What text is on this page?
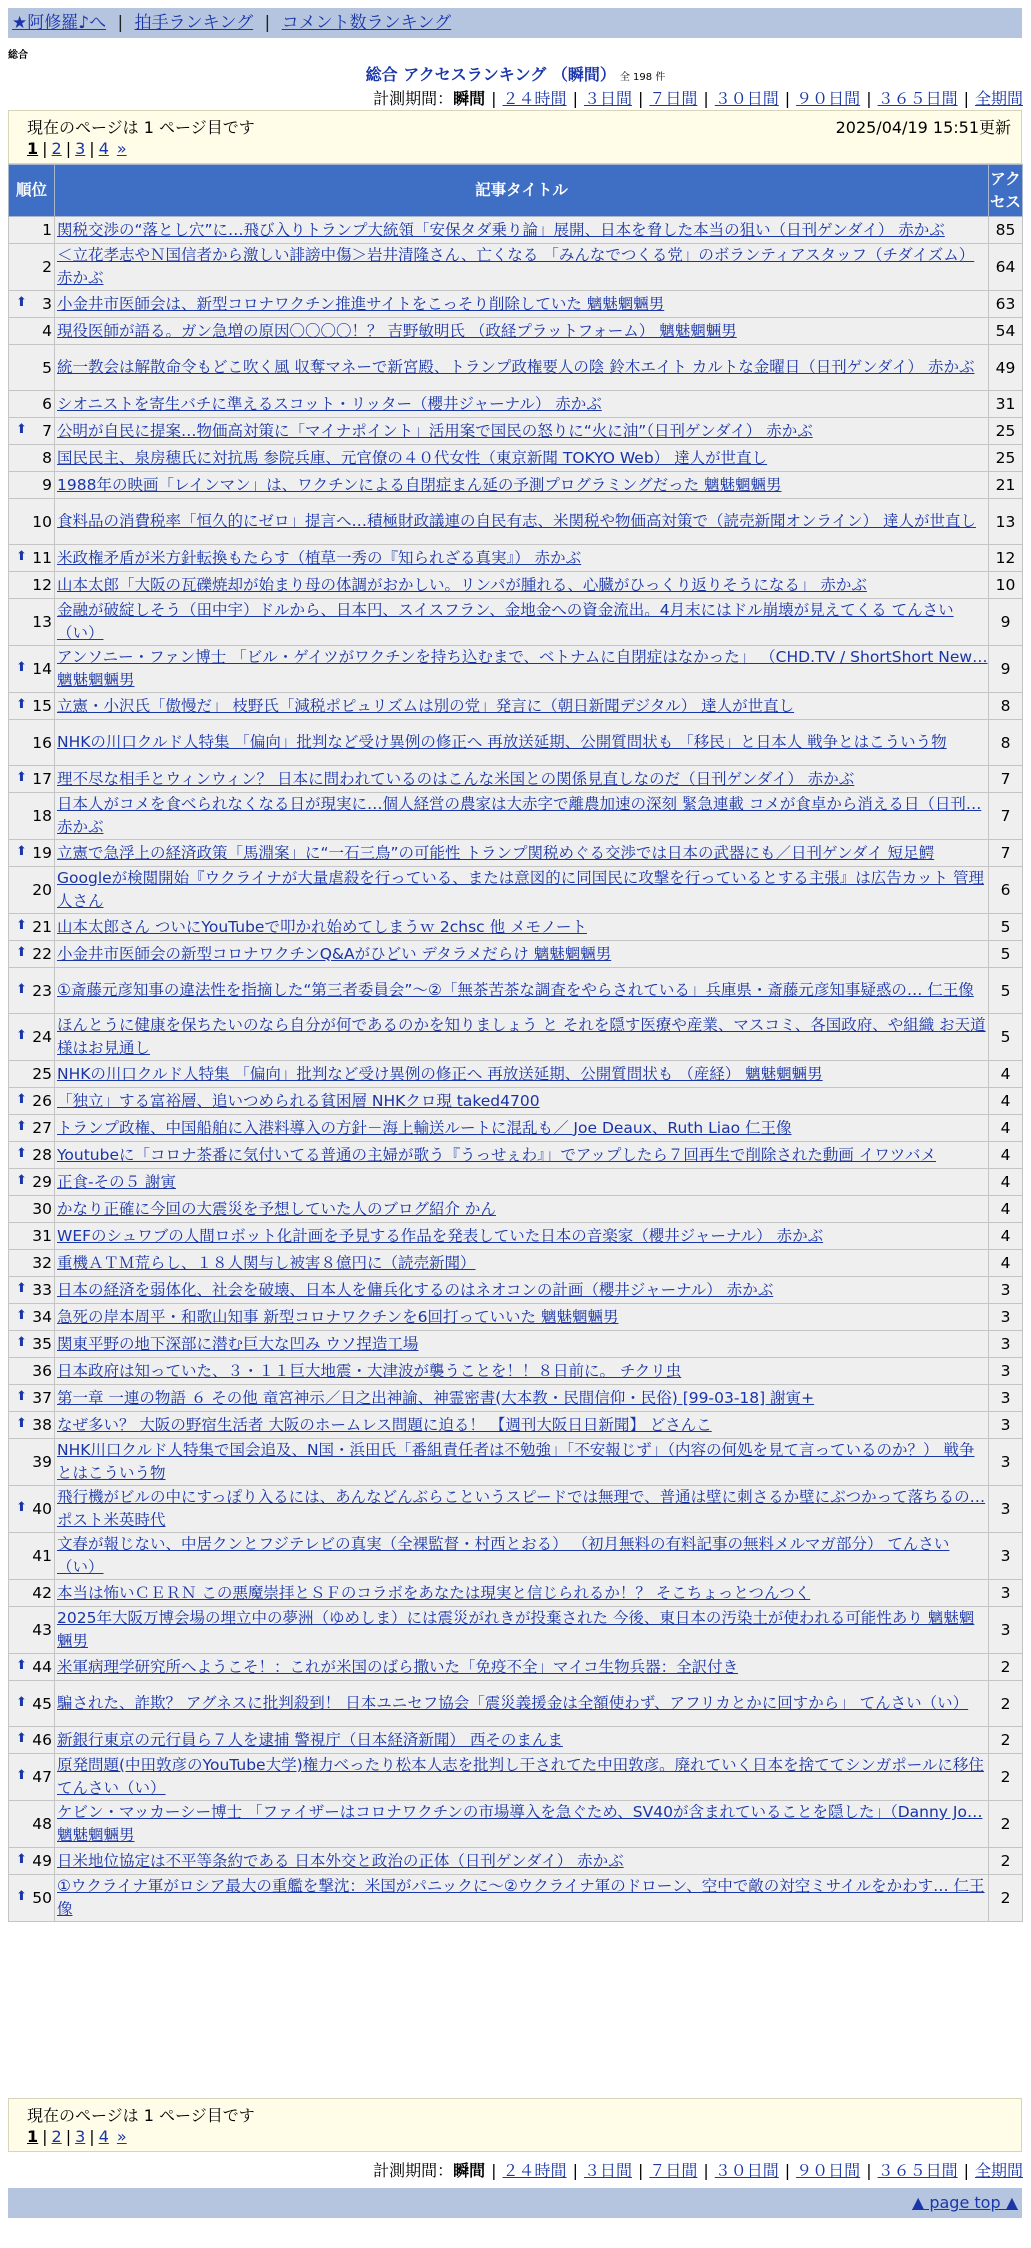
★阿修羅♪へ | 拍手ランキング | コメント数ランキング
総合
総合 アクセスランキング （瞬間） 全 198 件
計測期間：瞬間 | ２４時間 | ３日間 | ７日間 | ３０日間 | ９０日間 | ３６５日間 | 全期間
現在のページは 1 ページ目です	2025/04/19 15:51更新
1 | 2 | 3 | 4 »
順位	記事タイトル	アクセス
1	関税交渉の“落とし穴”に…飛び入りトランプ大統領「安保タダ乗り論」展開、日本を脅した本当の狙い（日刊ゲンダイ） 赤かぶ	85
2	＜立花孝志やＮ国信者から激しい誹謗中傷＞岩井清隆さん、亡くなる 「みんなでつくる党」のボランティアスタッフ（チダイズム） 赤かぶ	64

⬆ 3	小金井市医師会は、新型コロナワクチン推進サイトをこっそり削除していた 魑魅魍魎男	63
4	現役医師が語る。ガン急増の原因〇〇〇〇！？ 吉野敏明氏 （政経プラットフォーム） 魑魅魍魎男	54
5	統一教会は解散命令もどこ吹く風 収奪マネーで新宮殿、トランプ政権要人の陰 鈴木エイト カルトな金曜日（日刊ゲンダイ） 赤かぶ	49
6	シオニストを寄生バチに準えるスコット・リッター（櫻井ジャーナル） 赤かぶ	31

⬆ 7	公明が自民に提案…物価高対策に「マイナポイント」活用案で国民の怒りに“火に油”（日刊ゲンダイ） 赤かぶ	25
8	国民民主、泉房穂氏に対抗馬 参院兵庫、元官僚の４０代女性（東京新聞 TOKYO Web） 達人が世直し	25
9	1988年の映画「レインマン」は、ワクチンによる自閉症まん延の予測プログラミングだった 魑魅魍魎男	21
10	食料品の消費税率「恒久的にゼロ」提言へ…積極財政議連の自民有志、米関税や物価高対策で（読売新聞オンライン） 達人が世直し	13

⬆ 11	米政権矛盾が米方針転換もたらす（植草一秀の『知られざる真実』） 赤かぶ	12
12	山本太郎「大阪の瓦礫焼却が始まり母の体調がおかしい。リンパが腫れる、心臓がひっくり返りそうになる」 赤かぶ	10
13	金融が破綻しそう（田中宇）ドルから、日本円、スイスフラン、金地金への資金流出。4月末にはドル崩壊が見えてくる てんさい（い）	9

⬆ 14	アンソニー・ファン博士 「ビル・ゲイツがワクチンを持ち込むまで、ベトナムに自閉症はなかった」 （CHD.TV / ShortShort New… 魑魅魍魎男	9

⬆ 15	立憲・小沢氏「傲慢だ」 枝野氏「減税ポピュリズムは別の党」発言に（朝日新聞デジタル） 達人が世直し	8
16	NHKの川口クルド人特集 「偏向」批判など受け異例の修正へ 再放送延期、公開質問状も 「移民」と日本人 戦争とはこういう物	8

⬆ 17	理不尽な相手とウィンウィン？ 日本に問われているのはこんな米国との関係見直しなのだ（日刊ゲンダイ） 赤かぶ	7
18	日本人がコメを食べられなくなる日が現実に…個人経営の農家は大赤字で離農加速の深刻 緊急連載 コメが食卓から消える日（日刊… 赤かぶ	7

⬆ 19	立憲で急浮上の経済政策「馬淵案」に“一石三鳥”の可能性 トランプ関税めぐる交渉では日本の武器にも／日刊ゲンダイ 短足鰐	7
20	Googleが検閲開始『ウクライナが大量虐殺を行っている、または意図的に同国民に攻撃を行っているとする主張』は広告カット 管理人さん	6

⬆ 21	山本太郎さん ついにYouTubeで叩かれ始めてしまうｗ 2chsc 他 メモノート	5

⬆ 22	小金井市医師会の新型コロナワクチンQ&Aがひどい デタラメだらけ 魑魅魍魎男	5

⬆ 23	①斎藤元彦知事の違法性を指摘した“第三者委員会”〜②「無茶苦茶な調査をやらされている」兵庫県・斎藤元彦知事疑惑の… 仁王像	5

⬆ 24	ほんとうに健康を保ちたいのなら自分が何であるのかを知りましょう と それを隠す医療や産業、マスコミ、各国政府、や組織 お天道様はお見通し	5
25	NHKの川口クルド人特集 「偏向」批判など受け異例の修正へ 再放送延期、公開質問状も （産経） 魑魅魍魎男	4

⬆ 26	「独立」する富裕層、追いつめられる貧困層 NHKクロ現 taked4700	4

⬆ 27	トランプ政権、中国船舶に入港料導入の方針－海上輸送ルートに混乱も／ Joe Deaux、Ruth Liao 仁王像	4

⬆ 28	Youtubeに「コロナ茶番に気付いてる普通の主婦が歌う『うっせぇわ』」でアップしたら７回再生で削除された動画 イワツバメ	4

⬆ 29	正食-その５ 謝寅	4
30	かなり正確に今回の大震災を予想していた人のブログ紹介 かん	4
31	WEFのシュワブの人間ロボット化計画を予見する作品を発表していた日本の音楽家（櫻井ジャーナル） 赤かぶ	4
32	重機ＡＴＭ荒らし、１８人関与し被害８億円に（読売新聞）	4

⬆ 33	日本の経済を弱体化、社会を破壊、日本人を傭兵化するのはネオコンの計画（櫻井ジャーナル） 赤かぶ	3

⬆ 34	急死の岸本周平・和歌山知事 新型コロナワクチンを6回打っていいた 魑魅魍魎男	3

⬆ 35	関東平野の地下深部に潜む巨大な凹み ウソ捏造工場	3
36	日本政府は知っていた、３・１１巨大地震・大津波が襲うことを！！８日前に。 チクリ虫	3

⬆ 37	第一章 一連の物語 ６ その他 竜宮神示／日之出神諭、神霊密書(大本教・民間信仰・民俗) [99-03-18] 謝寅+	3

⬆ 38	なぜ多い？ 大阪の野宿生活者 大阪のホームレス問題に迫る！ 【週刊大阪日日新聞】 どさんこ	3
39	NHK川口クルド人特集で国会追及、N国・浜田氏「番組責任者は不勉強」「不安報じず」（内容の何処を見て言っているのか？） 戦争とはこういう物	3

⬆ 40	飛行機がビルの中にすっぽり入るには、あんなどんぶらこというスピードでは無理で、普通は壁に刺さるか壁にぶつかって落ちるの… ポスト米英時代	3
41	文春が報じない、中居クンとフジテレビの真実（全裸監督・村西とおる） （初月無料の有料記事の無料メルマガ部分） てんさい（い）	3
42	本当は怖いＣＥＲＮ この悪魔崇拝とＳＦのコラボをあなたは現実と信じられるか！？ そこちょっとつんつく	3
43	2025年大阪万博会場の埋立中の夢洲（ゆめしま）には震災がれきが投棄された 今後、東日本の汚染土が使われる可能性あり 魑魅魍魎男	3

⬆ 44	米軍病理学研究所へようこそ！：これが米国のばら撒いた「免疫不全」マイコ生物兵器：全訳付き	2

⬆ 45	騙された、詐欺？ アグネスに批判殺到！ 日本ユニセフ協会「震災義援金は全額使わず、アフリカとかに回すから」 てんさい（い）	2

⬆ 46	新銀行東京の元行員ら７人を逮捕 警視庁（日本経済新聞） 西そのまんま	2

⬆ 47	原発問題(中田敦彦のYouTube大学)権力べったり松本人志を批判し干されてた中田敦彦。廃れていく日本を捨ててシンガポールに移住 てんさい（い）	2
48	ケビン・マッカーシー博士 「ファイザーはコロナワクチンの市場導入を急ぐため、SV40が含まれていることを隠した」（Danny Jo… 魑魅魍魎男	2

⬆ 49	日米地位協定は不平等条約である 日本外交と政治の正体（日刊ゲンダイ） 赤かぶ	2

⬆ 50	①ウクライナ軍がロシア最大の重艦を撃沈：米国がパニックに〜②ウクライナ軍のドローン、空中で敵の対空ミサイルをかわす… 仁王像	2
現在のページは 1 ページ目です
1 | 2 | 3 | 4 »
計測期間：瞬間 | ２４時間 | ３日間 | ７日間 | ３０日間 | ９０日間 | ３６５日間 | 全期間
▲ page top ▲
